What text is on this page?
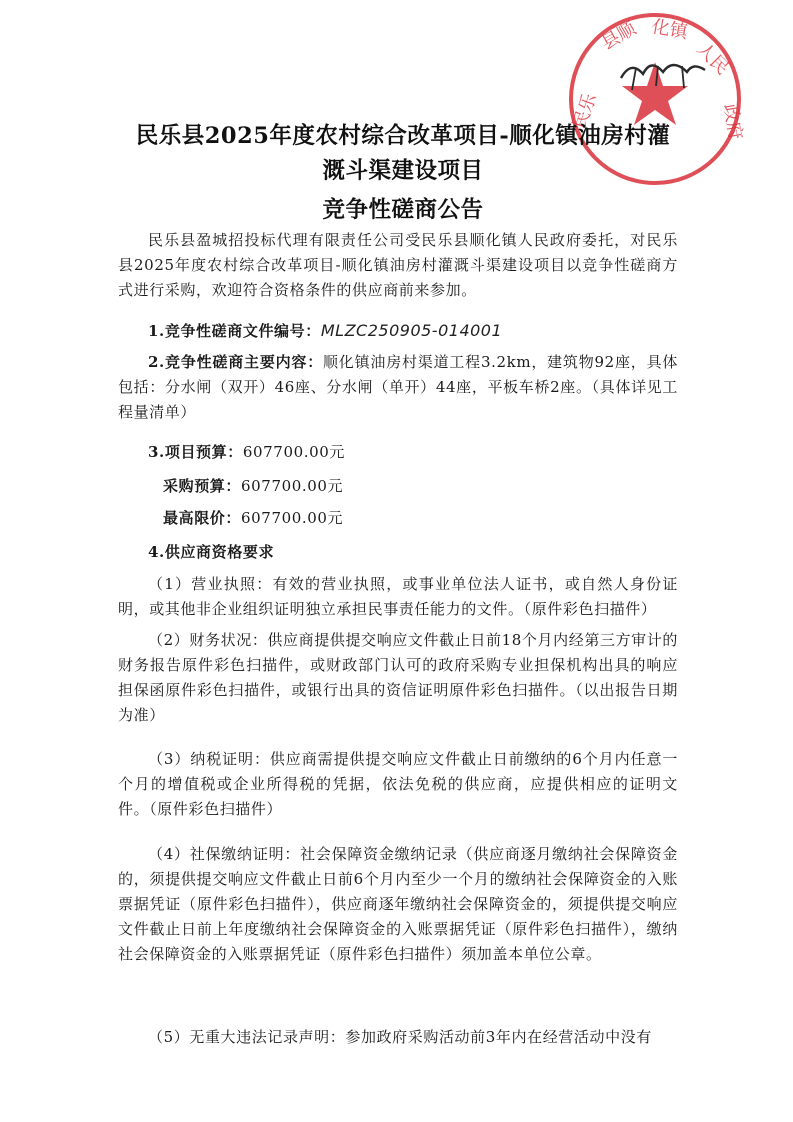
民乐
县顺 化镇
人民
政府
民乐县2025年度农村综合改革项目-顺化镇油房村灌
溉斗渠建设项目
竞争性磋商公告
民乐县盈城招投标代理有限责任公司受民乐县顺化镇人民政府委托，对民乐县2025年度农村综合改革项目-顺化镇油房村灌溉斗渠建设项目以竞争性磋商方式进行采购，欢迎符合资格条件的供应商前来参加。
1.竞争性磋商文件编号：MLZC250905-014001
2.竞争性磋商主要内容：顺化镇油房村渠道工程3.2km，建筑物92座，具体包括：分水闸（双开）46座、分水闸（单开）44座，平板车桥2座。（具体详见工程量清单）
3.项目预算：607700.00元
采购预算：607700.00元
最高限价：607700.00元
4.供应商资格要求
（1）营业执照：有效的营业执照，或事业单位法人证书，或自然人身份证明，或其他非企业组织证明独立承担民事责任能力的文件。（原件彩色扫描件）
（2）财务状况：供应商提供提交响应文件截止日前18个月内经第三方审计的财务报告原件彩色扫描件，或财政部门认可的政府采购专业担保机构出具的响应担保函原件彩色扫描件，或银行出具的资信证明原件彩色扫描件。（以出报告日期为准）
（3）纳税证明：供应商需提供提交响应文件截止日前缴纳的6个月内任意一个月的增值税或企业所得税的凭据，依法免税的供应商，应提供相应的证明文件。（原件彩色扫描件）
（4）社保缴纳证明：社会保障资金缴纳记录（供应商逐月缴纳社会保障资金的，须提供提交响应文件截止日前6个月内至少一个月的缴纳社会保障资金的入账票据凭证（原件彩色扫描件），供应商逐年缴纳社会保障资金的，须提供提交响应文件截止日前上年度缴纳社会保障资金的入账票据凭证（原件彩色扫描件），缴纳社会保障资金的入账票据凭证（原件彩色扫描件）须加盖本单位公章。
（5）无重大违法记录声明：参加政府采购活动前3年内在经营活动中没有
